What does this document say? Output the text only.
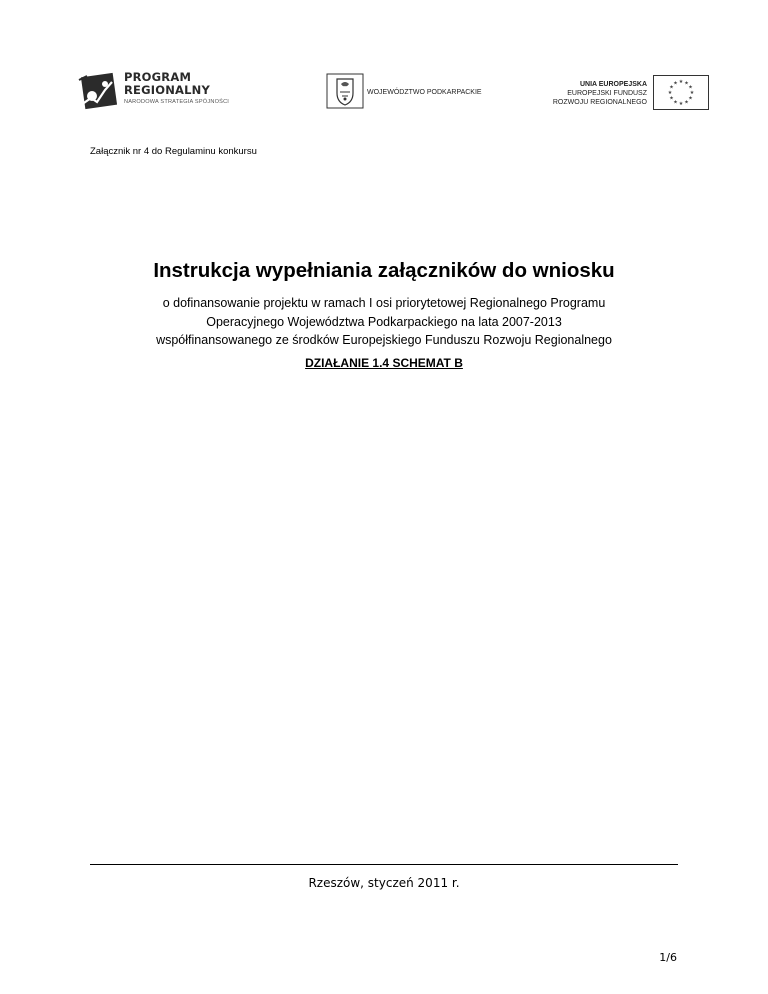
PROGRAM
REGIONALNY
NARODOWA STRATEGIA SPÓJNOŚCI
WOJEWÓDZTWO PODKARPACKIE
UNIA EUROPEJSKA
EUROPEJSKI FUNDUSZ
ROZWOJU REGIONALNEGO
★ ★
★
★
★
★
★
★
★
★
★
★
Załącznik nr 4 do Regulaminu konkursu
Instrukcja wypełniania załączników do wniosku
o dofinansowanie projektu w ramach I osi priorytetowej Regionalnego Programu
Operacyjnego Województwa Podkarpackiego na lata 2007-2013
współfinansowanego ze środków Europejskiego Funduszu Rozwoju Regionalnego
DZIAŁANIE 1.4 SCHEMAT B
Rzeszów, styczeń 2011 r.
1/6
